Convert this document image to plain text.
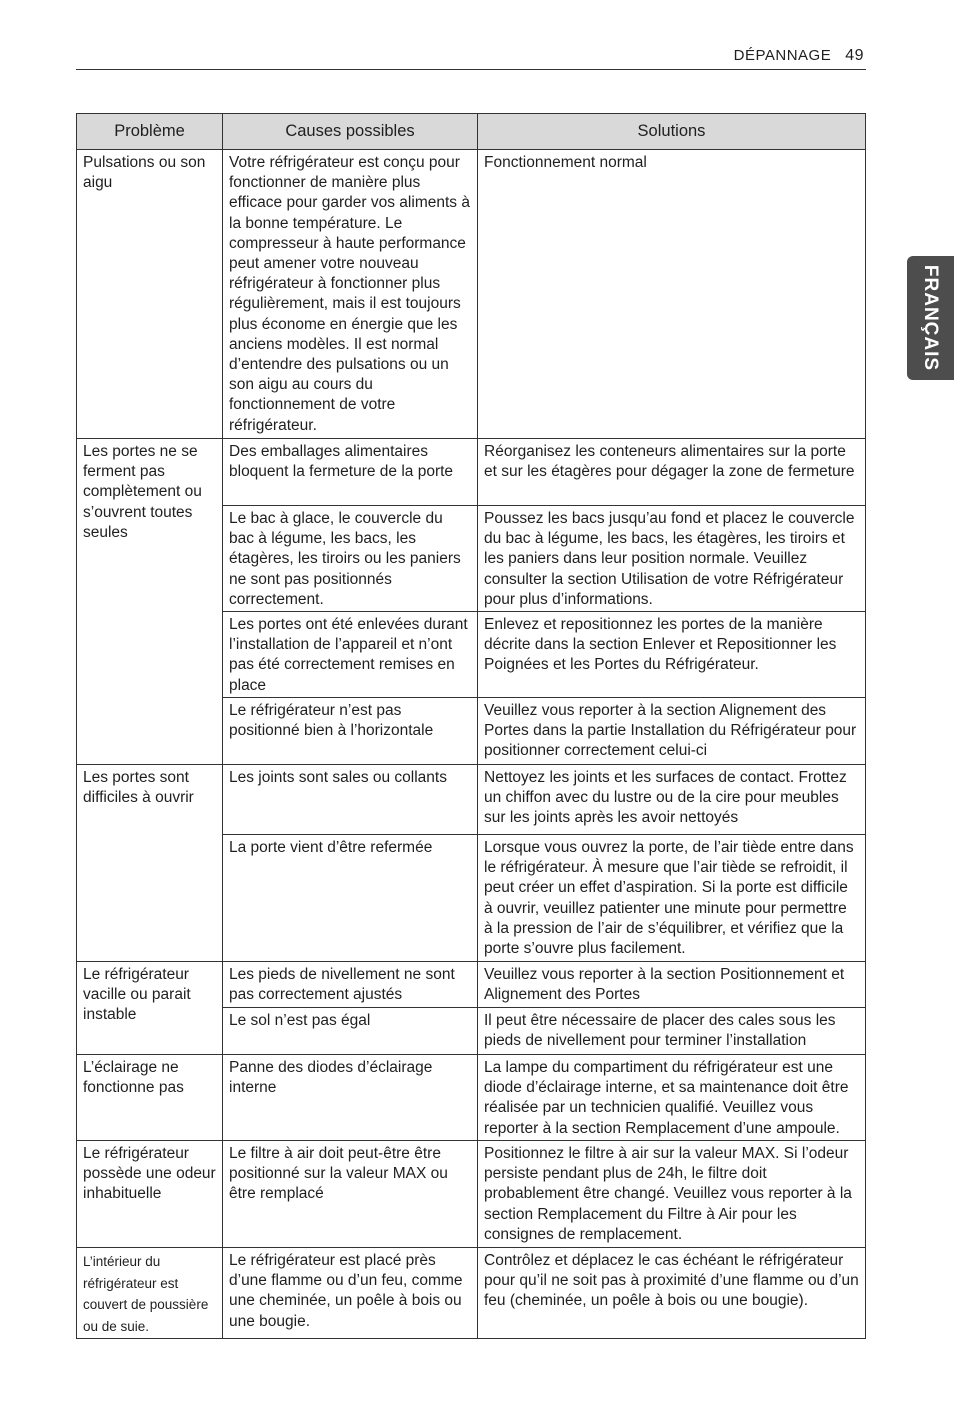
DÉPANNAGE 49
FRANÇAIS
Problème	Causes possibles	Solutions
Pulsations ou son aigu	Votre réfrigérateur est conçu pour fonctionner de manière plus efficace pour garder vos aliments à la bonne température. Le compresseur à haute performance peut amener votre nouveau réfrigérateur à fonctionner plus régulièrement, mais il est toujours plus économe en énergie que les anciens modèles. Il est normal d’entendre des pulsations ou un son aigu au cours du fonctionnement de votre réfrigérateur.	Fonctionnement normal
Les portes ne se ferment pas complètement ou s’ouvrent toutes seules	Des emballages alimentaires bloquent la fermeture de la porte	Réorganisez les conteneurs alimentaires sur la porte et sur les étagères pour dégager la zone de fermeture
	Le bac à glace, le couvercle du bac à légume, les bacs, les étagères, les tiroirs ou les paniers ne sont pas positionnés correctement.	Poussez les bacs jusqu’au fond et placez le couvercle du bac à légume, les bacs, les étagères, les tiroirs et les paniers dans leur position normale. Veuillez consulter la section Utilisation de votre Réfrigérateur pour plus d’informations.
	Les portes ont été enlevées durant l’installation de l’appareil et n’ont pas été correctement remises en place	Enlevez et repositionnez les portes de la manière décrite dans la section Enlever et Repositionner les Poignées et les Portes du Réfrigérateur.
	Le réfrigérateur n’est pas positionné bien à l’horizontale	Veuillez vous reporter à la section Alignement des Portes dans la partie Installation du Réfrigérateur pour positionner correctement celui-ci
Les portes sont difficiles à ouvrir	Les joints sont sales ou collants	Nettoyez les joints et les surfaces de contact. Frottez un chiffon avec du lustre ou de la cire pour meubles sur les joints après les avoir nettoyés
	La porte vient d’être refermée	Lorsque vous ouvrez la porte, de l’air tiède entre dans le réfrigérateur. À mesure que l’air tiède se refroidit, il peut créer un effet d’aspiration. Si la porte est difficile à ouvrir, veuillez patienter une minute pour permettre à la pression de l’air de s’équilibrer, et vérifiez que la porte s’ouvre plus facilement.
Le réfrigérateur vacille ou parait instable	Les pieds de nivellement ne sont pas correctement ajustés	Veuillez vous reporter à la section Positionnement et Alignement des Portes
	Le sol n’est pas égal	Il peut être nécessaire de placer des cales sous les pieds de nivellement pour terminer l’installation
L’éclairage ne fonctionne pas	Panne des diodes d’éclairage interne	La lampe du compartiment du réfrigérateur est une diode d’éclairage interne, et sa maintenance doit être réalisée par un technicien qualifié. Veuillez vous reporter à la section Remplacement d’une ampoule.
Le réfrigérateur possède une odeur inhabituelle	Le filtre à air doit peut-être être positionné sur la valeur MAX ou être remplacé	Positionnez le filtre à air sur la valeur MAX. Si l’odeur persiste pendant plus de 24h, le filtre doit probablement être changé. Veuillez vous reporter à la section Remplacement du Filtre à Air pour les consignes de remplacement.
L’intérieur du réfrigérateur est couvert de poussière ou de suie.	Le réfrigérateur est placé près d’une flamme ou d’un feu, comme une cheminée, un poêle à bois ou une bougie.	Contrôlez et déplacez le cas échéant le réfrigérateur pour qu’il ne soit pas à proximité d’une flamme ou d’un feu (cheminée, un poêle à bois ou une bougie).
